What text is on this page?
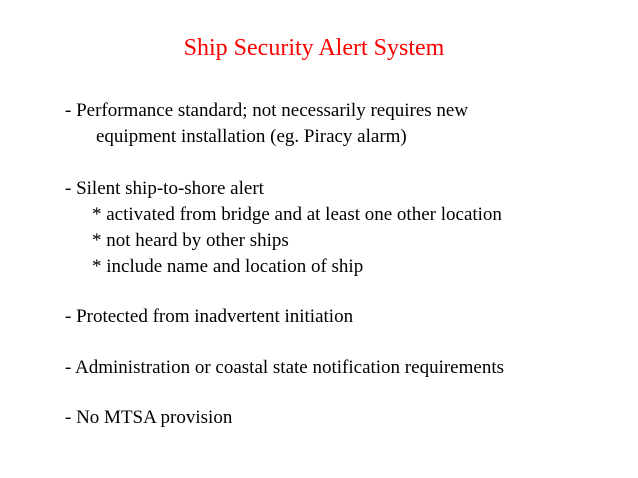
Ship Security Alert System
- Performance standard; not necessarily requires new
equipment installation (eg. Piracy alarm)
- Silent ship-to-shore alert
* activated from bridge and at least one other location
* not heard by other ships
* include name and location of ship
- Protected from inadvertent initiation
- Administration or coastal state notification requirements
- No MTSA provision
